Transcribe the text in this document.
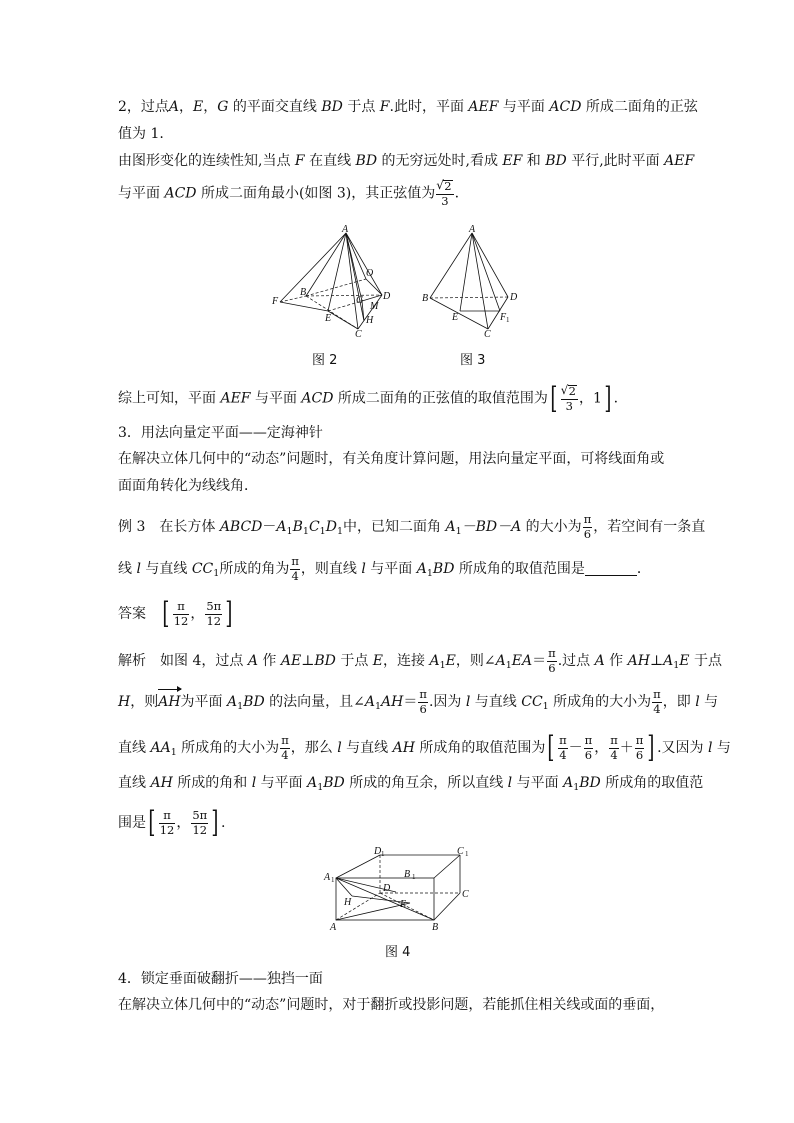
2，过点A，E，G 的平面交直线 BD 于点 F.此时，平面 AEF 与平面 ACD 所成二面角的正弦
值为 1.
由图形变化的连续性知,当点 F 在直线 BD 的无穷远处时,看成 EF 和 BD 平行,此时平面 AEF
与平面 ACD 所成二面角最小(如图 3)，其正弦值为 √ $\frac{2}{3}$ .
A
B
O
D
F	G
M
H
E
C
图 2
A
B	D
E	F 1
C
图 3
综上可知，平面 AEF 与平面 ACD 所成二面角的正弦值的取值范围为[ √ $\frac{2}{3}$ ，1] .
3．用法向量定平面——定海神针
在解决立体几何中的“动态”问题时，有关角度计算问题，用法向量定平面，可将线面角或
面面角转化为线线角．
例 3　在长方体 $ABCD-A_1B_1C_1D_1$中，已知二面角 $A_1-BD-A$ 的大小为 $\frac{\pi}{6}$ ，若空间有一条直
线 l 与直线 $CC_1$所成的角为 $\frac{\pi}{4}$ ，则直线 l 与平面 $A_1BD$ 所成角的取值范围是	．
答案　 [ $\frac{\pi}{12}$ ， $\frac{5\pi}{12}$ ]
解析　如图 4，过点 A 作 AE⊥BD 于点 E，连接 $A_1E$，则$\angle A_1EA= \frac{\pi}{6}$ .过点 A 作 $AH\perp A_1E$ 于点
H，则AH为平面 $A_1BD$ 的法向量，且$\angle A_1AH= \frac{\pi}{6}$ .因为 l 与直线 $CC_1$ 所成角的大小为 $\frac{\pi}{4}$ ，即 l 与
直线 $AA_1$ 所成角的大小为 $\frac{\pi}{4}$ ，那么 l 与直线 AH 所成角的取值范围为[ $\frac{\pi}{4} - \frac{\pi}{6}$ ， $\frac{\pi}{4} + \frac{\pi}{6}$ ] .又因为 l 与
直线 AH 所成的角和 l 与平面 $A_1BD$ 所成的角互余，所以直线 l 与平面 $A_1BD$ 所成角的取值范
围是[ $\frac{\pi}{12}$ ， $\frac{5\pi}{12}$ ] .
D 1	C 1
A 1	B 1
D
C
H	E
A	B
图 4
4．锁定垂面破翻折——独挡一面
在解决立体几何中的“动态”问题时，对于翻折或投影问题，若能抓住相关线或面的垂面，
